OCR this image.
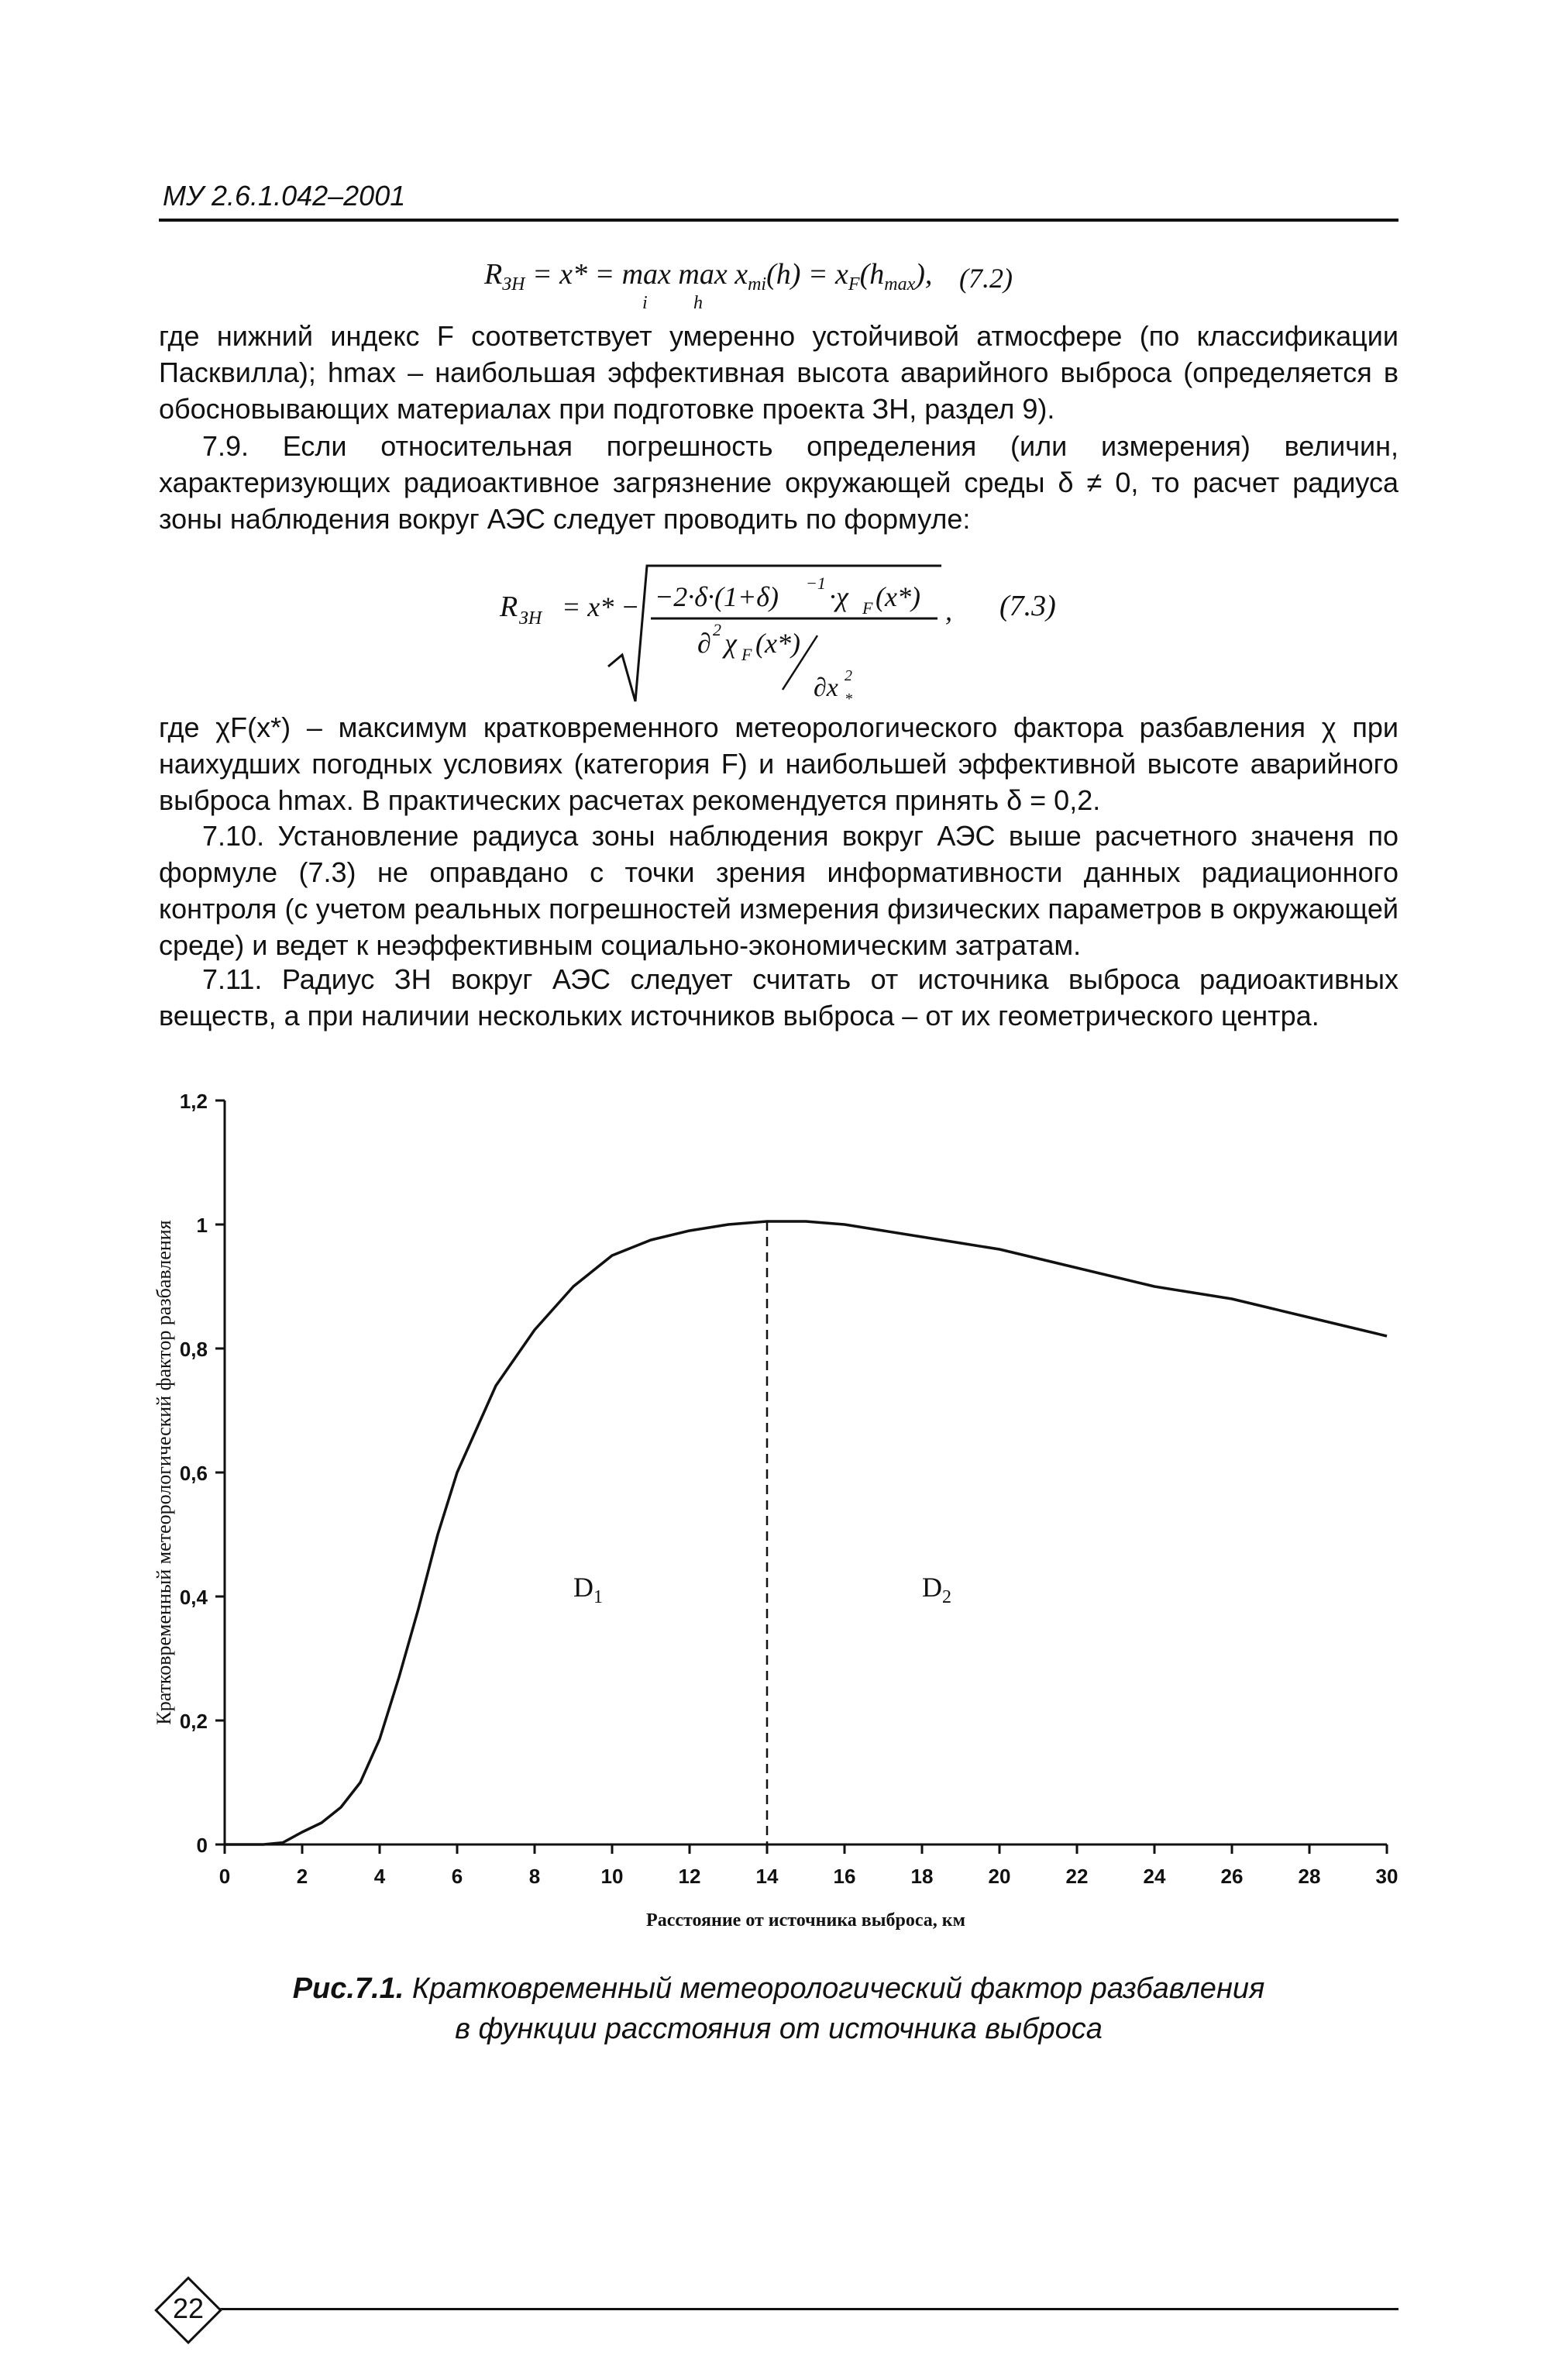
МУ 2.6.1.042–2001
$R_{ЗН} = x* = \max \max x_{mi}(h) = x_F(h_{max})$,
i h
(7.2)
где нижний индекс F соответствует умеренно устойчивой атмосфере (по классификации Пасквилла); hmax – наибольшая эффективная высота аварийного выброса (определяется в обосновывающих материалах при подготовке проекта ЗН, раздел 9).
7.9. Если относительная погрешность определения (или измерения) величин, характеризующих радиоактивное загрязнение окружающей среды δ ≠ 0, то расчет радиуса зоны наблюдения вокруг АЭС следует проводить по формуле:
R ЗН = x* − −2·δ·(1+δ) −1 ·χ F (x*)
∂ 2 χ F (x*)
∂x 2
*
, (7.3)
где χF(x*) – максимум кратковременного метеорологического фактора разбавления χ при наихудших погодных условиях (категория F) и наибольшей эффективной высоте аварийного выброса hmax. В практических расчетах рекомендуется принять δ = 0,2.
7.10. Установление радиуса зоны наблюдения вокруг АЭС выше расчетного значеня по формуле (7.3) не оправдано с точки зрения информативности данных радиационного контроля (с учетом реальных погрешностей измерения физических параметров в окружающей среде) и ведет к неэффективным социально-экономическим затратам.
7.11. Радиус ЗН вокруг АЭС следует считать от источника выброса радиоактивных веществ, а при наличии нескольких источников выброса – от их геометрического центра.
0
0,2
0,4
0,6
0,8
1
1,2
0	2	4	6	8	10	12	14	16	18	20	22	24	26	28	30
Расстояние от источника выброса, км
Кратковременный метеорологический фактор разбавления	$D_1$	$D_2$
Рис.7.1. Кратковременный метеорологический фактор разбавления
в функции расстояния от источника выброса
22
